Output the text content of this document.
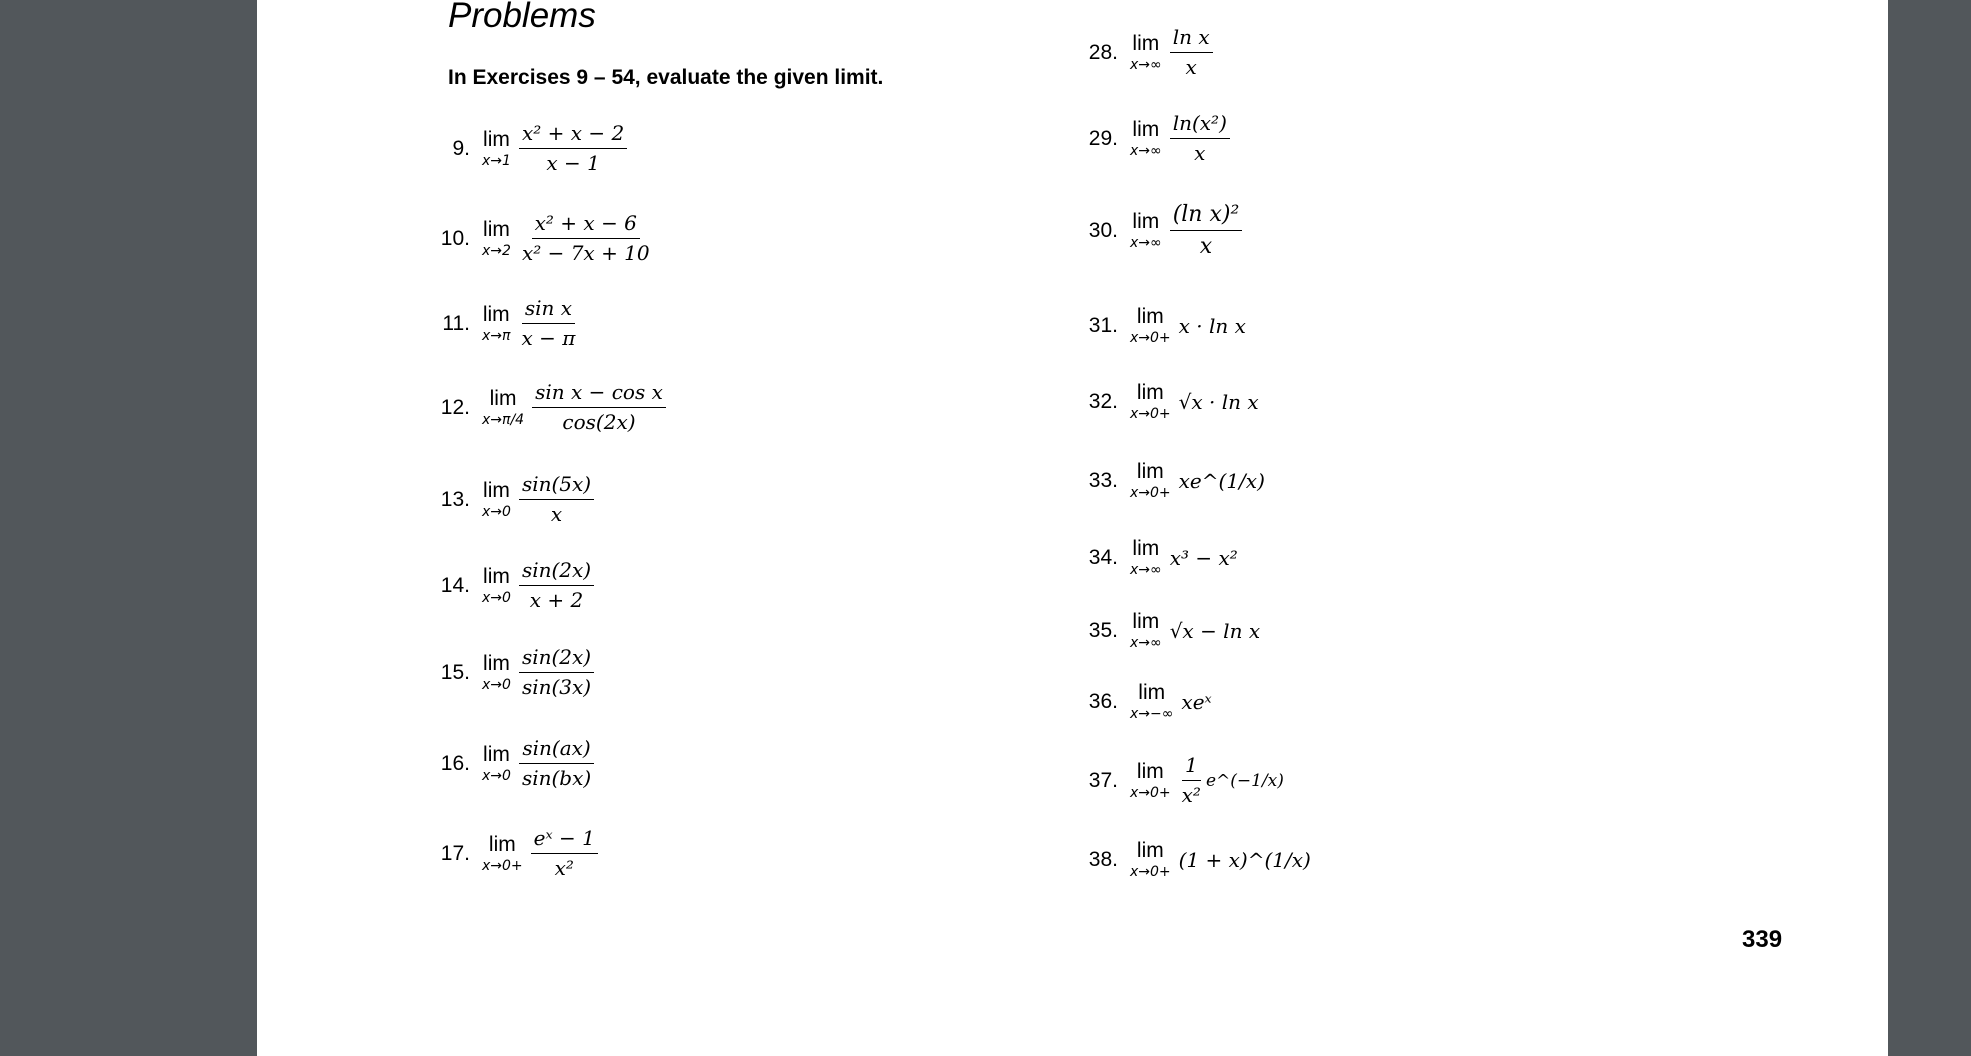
Problems
In Exercises 9 – 54, evaluate the given limit.
9. lim
$x\to 1 \frac{\text{x² + x − 2}}{x - 1}$
10. lim
$x\to 2 \frac{\text{x² + x − 6}}{\text{x² − 7x + 10}}$
11. lim
$x\to\pi \frac{\text{sin x}}{x - \pi}$
12. lim
$x\to\pi/4 \frac{\text{sin x − cos x}}{\cos(2x)}$
13. lim
$x\to 0 \frac{\sin(5x)}{x}$
14. lim
$x\to 0 \frac{\sin(2x)}{x + 2}$
15. lim
$x\to 0 \frac{\sin(2x)}{\sin(3x)}$
16. lim
$x\to 0 \frac{\sin(ax)}{\sin(bx)}$
17. lim
$x\to 0+ \frac{\text{eˣ − 1}}{\text{x²}}$
28. lim
$x\to\infty \frac{\text{ln x}}{x}$
29. lim
$x\to\infty \frac{\text{ln(x²)}}{x}$
30. lim
$x\to\infty \frac{\text{(ln x)²}}{x}$
31. lim
x→0+
x · ln x
32. lim
x→0+
√x · ln x
33. lim
x→0+
xe^(1/x)
34. lim
x→∞
x³ − x²
35. lim
x→∞
√x − ln x
36. lim
x→−∞
xeˣ
37. lim
$x\to 0+ \frac{1}{\text{x²}}$ e^(−1/x)
38. lim
x→0+
(1 + x)^(1/x)
339
